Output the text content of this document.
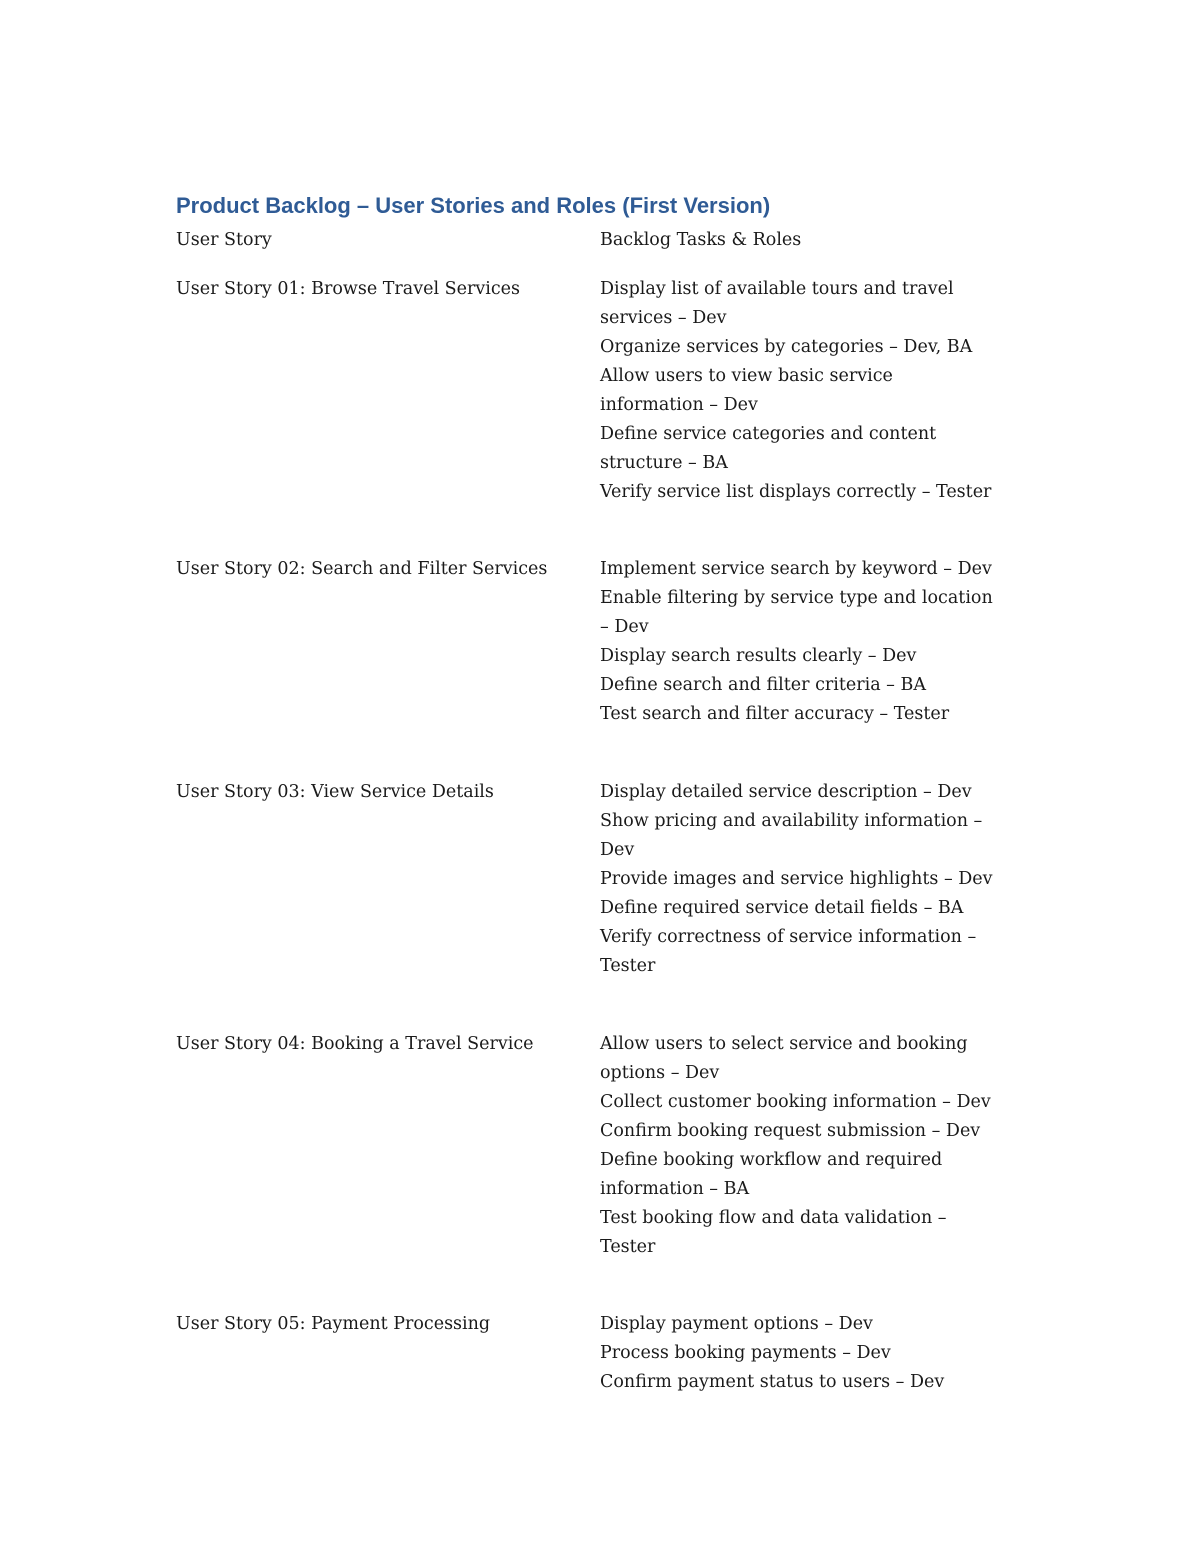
Product Backlog – User Stories and Roles (First Version)
User Story	Backlog Tasks & Roles
User Story 01: Browse Travel Services	Display list of available tours and travel services – Dev
Organize services by categories – Dev, BA
Allow users to view basic service information – Dev
Define service categories and content structure – BA
Verify service list displays correctly – Tester
User Story 02: Search and Filter Services	Implement service search by keyword – Dev
Enable filtering by service type and location – Dev
Display search results clearly – Dev
Define search and filter criteria – BA
Test search and filter accuracy – Tester
User Story 03: View Service Details	Display detailed service description – Dev
Show pricing and availability information – Dev
Provide images and service highlights – Dev
Define required service detail fields – BA
Verify correctness of service information – Tester
User Story 04: Booking a Travel Service	Allow users to select service and booking options – Dev
Collect customer booking information – Dev
Confirm booking request submission – Dev
Define booking workflow and required information – BA
Test booking flow and data validation – Tester
User Story 05: Payment Processing	Display payment options – Dev
Process booking payments – Dev
Confirm payment status to users – Dev
